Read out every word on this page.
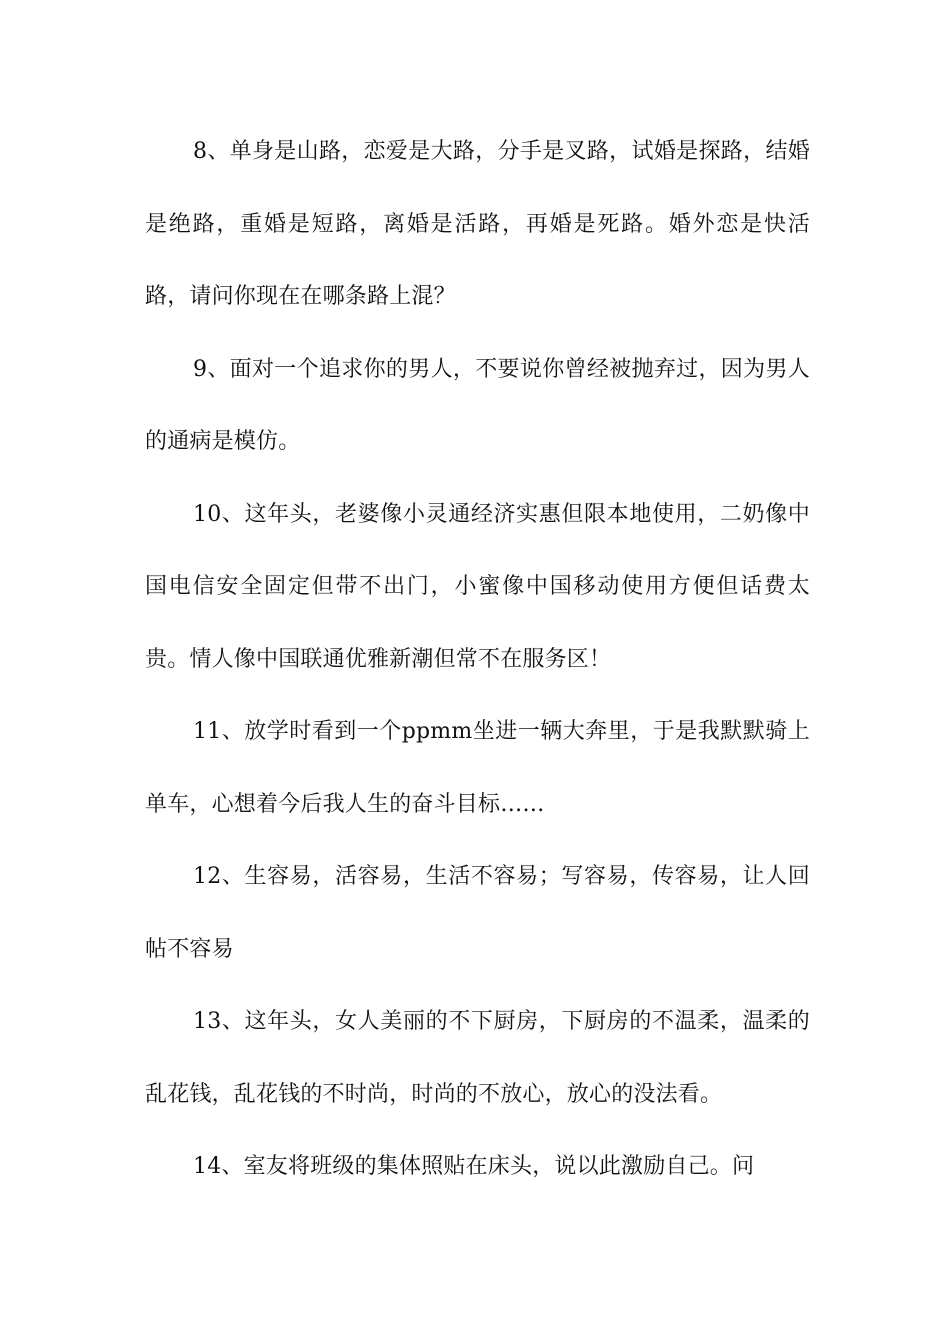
8、单身是山路，恋爱是大路，分手是叉路，试婚是探路，结婚是绝路，重婚是短路，离婚是活路，再婚是死路。婚外恋是快活路，请问你现在在哪条路上混？

9、面对一个追求你的男人，不要说你曾经被抛弃过，因为男人的通病是模仿。

10、这年头，老婆像小灵通经济实惠但限本地使用，二奶像中国电信安全固定但带不出门，小蜜像中国移动使用方便但话费太贵。情人像中国联通优雅新潮但常不在服务区！

11、放学时看到一个ppmm坐进一辆大奔里，于是我默默骑上单车，心想着今后我人生的奋斗目标……

12、生容易，活容易，生活不容易；写容易，传容易，让人回帖不容易

13、这年头，女人美丽的不下厨房，下厨房的不温柔，温柔的乱花钱，乱花钱的不时尚，时尚的不放心，放心的没法看。

14、室友将班级的集体照贴在床头，说以此激励自己。问
